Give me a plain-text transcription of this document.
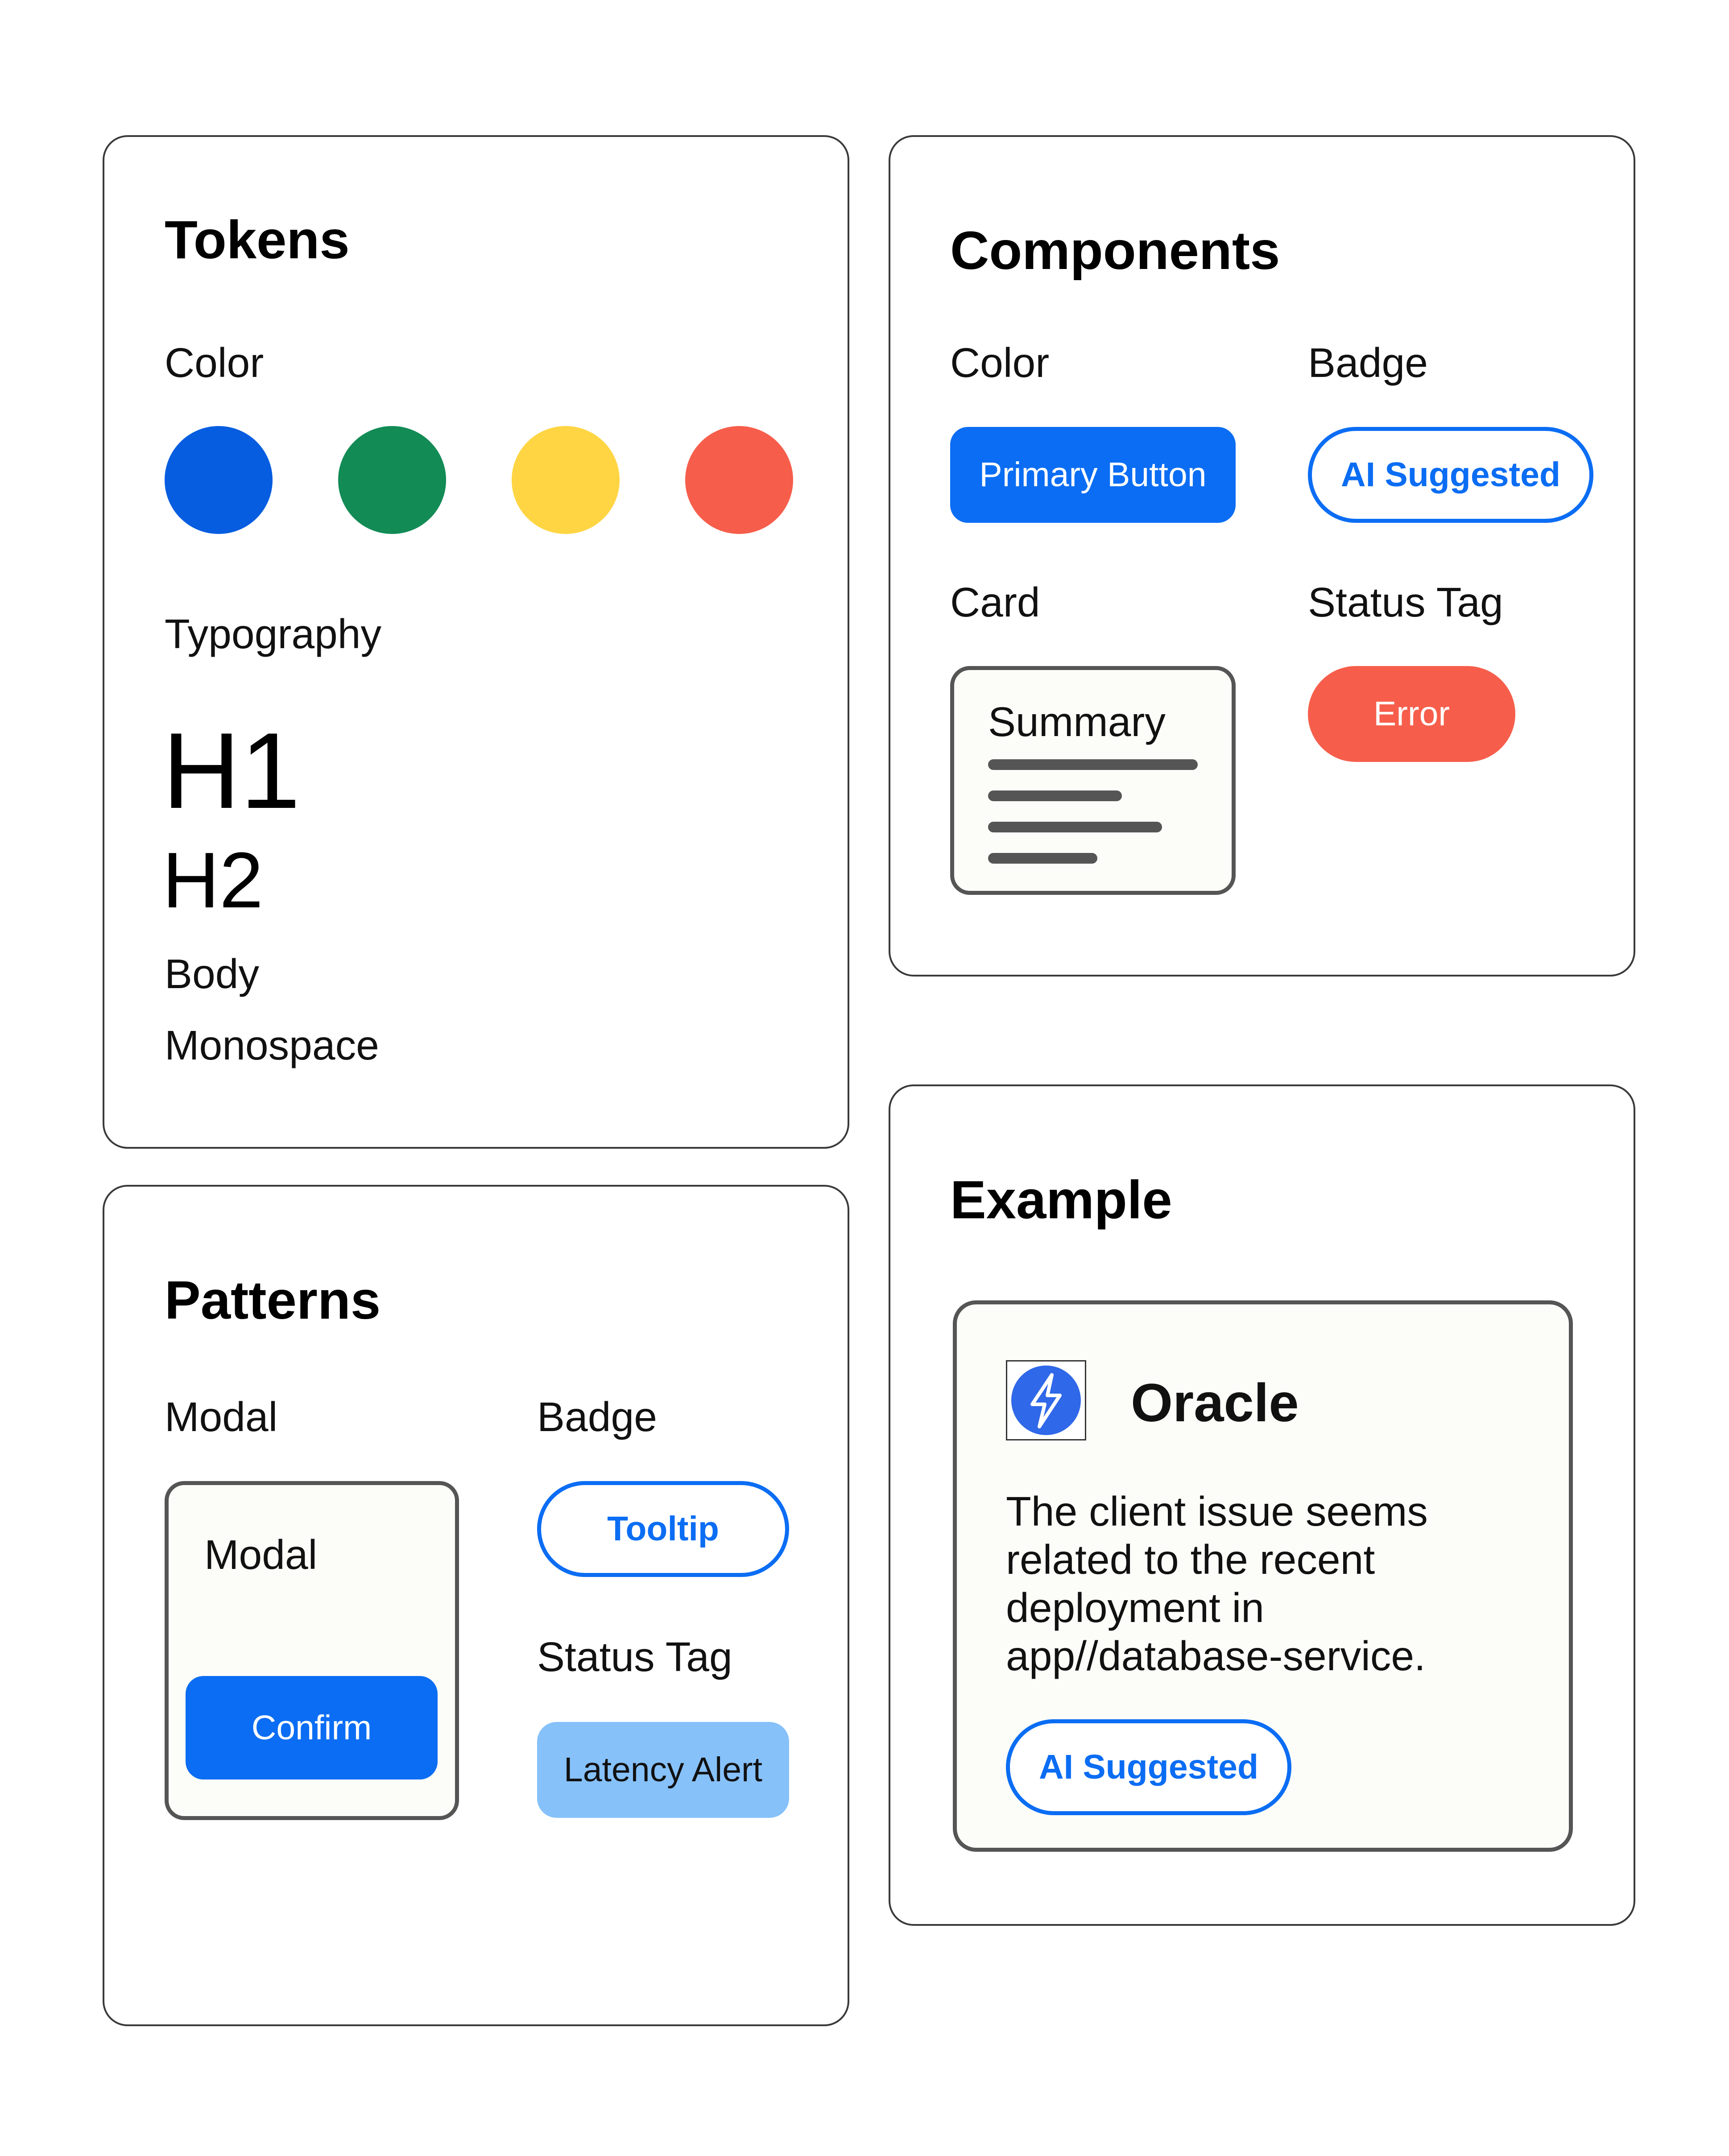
Tokens
Color
Typography
H1
H2
Body
Monospace
Components
Color
Primary Button
Badge
AI Suggested
Card
Summary
Status Tag
Error
Patterns
Modal
Modal
Confirm
Badge
Tooltip
Status Tag
Latency Alert
Example
Oracle
The client issue seems
related to the recent
deployment in
app//database-service.
AI Suggested
